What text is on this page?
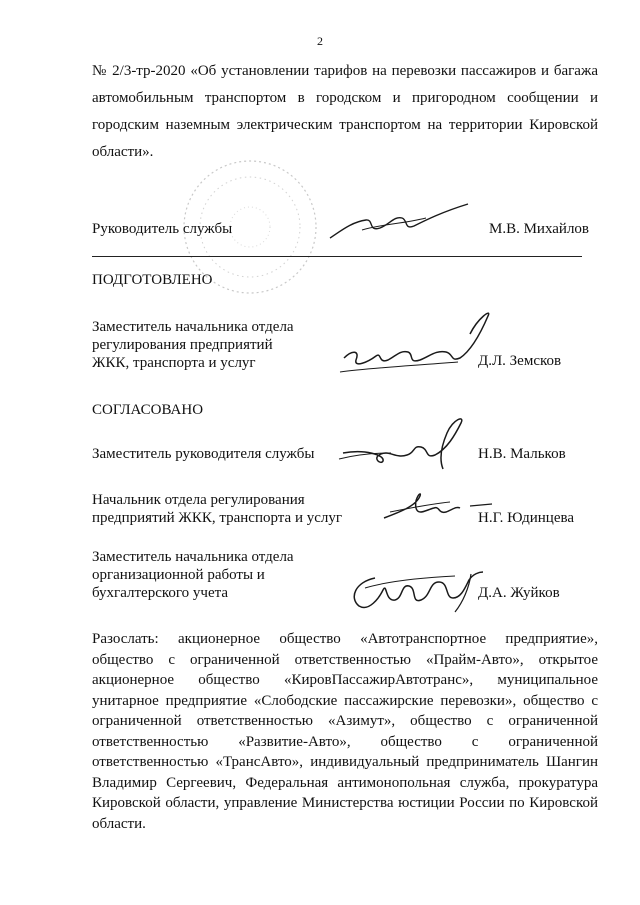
2

№ 2/3-тр-2020 «Об установлении тарифов на перевозки пассажиров и багажа автомобильным транспортом в городском и пригородном сообщении и городским наземным электрическим транспортом на территории Кировской области».

Руководитель службы	М.В. Михайлов
ПОДГОТОВЛЕНО
Заместитель начальника отдела
регулирования предприятий
ЖКК, транспорта и услуг	Д.Л. Земсков
СОГЛАСОВАНО
Заместитель руководителя службы	Н.В. Мальков
Начальник отдела регулирования
предприятий ЖКК, транспорта и услуг	Н.Г. Юдинцева
Заместитель начальника отдела
организационной работы и
бухгалтерского учета	Д.А. Жуйков

Разослать: акционерное общество «Автотранспортное предприятие», общество с ограниченной ответственностью «Прайм-Авто», открытое акционерное общество «КировПассажирАвтотранс», муниципальное унитарное предприятие «Слободские пассажирские перевозки», общество с ограниченной ответственностью «Азимут», общество с ограниченной ответственностью «Развитие-Авто», общество с ограниченной ответственностью «ТрансАвто», индивидуальный предприниматель Шангин Владимир Сергеевич, Федеральная антимонопольная служба, прокуратура Кировской области, управление Министерства юстиции России по Кировской области.
